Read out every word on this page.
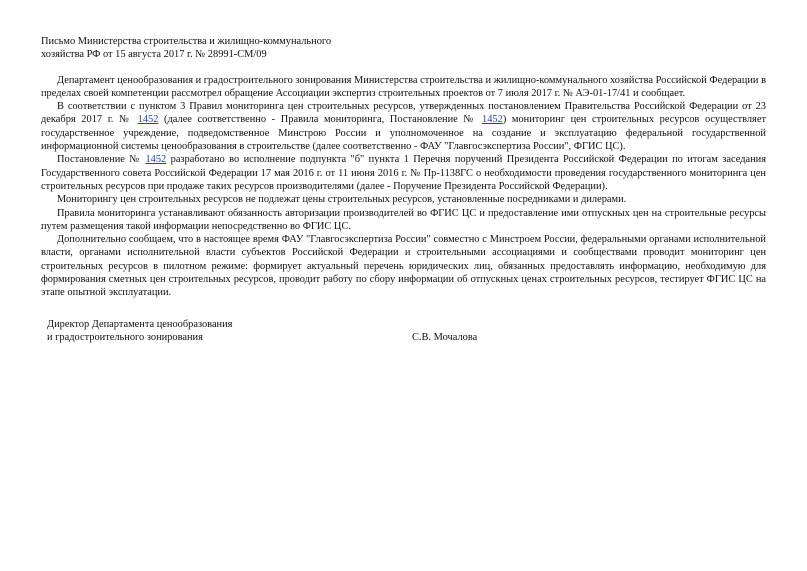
Письмо Министерства строительства и жилищно-коммунального
хозяйства РФ от 15 августа 2017 г. № 28991-СМ/09

Департамент ценообразования и градостроительного зонирования Министерства строительства и жилищно-коммунального хозяйства Российской Федерации в пределах своей компетенции рассмотрел обращение Ассоциации экспертиз строительных проектов от 7 июля 2017 г. № АЭ-01-17/41 и сообщает.

В соответствии с пунктом 3 Правил мониторинга цен строительных ресурсов, утвержденных постановлением Правительства Российской Федерации от 23 декабря 2017 г. № 1452 (далее соответственно - Правила мониторинга, Постановление № 1452) мониторинг цен строительных ресурсов осуществляет государственное учреждение, подведомственное Минстрою России и уполномоченное на создание и эксплуатацию федеральной государственной информационной системы ценообразования в строительстве (далее соответственно - ФАУ "Главгосэкспертиза России", ФГИС ЦС).

Постановление № 1452 разработано во исполнение подпункта "б" пункта 1 Перечня поручений Президента Российской Федерации по итогам заседания Государственного совета Российской Федерации 17 мая 2016 г. от 11 июня 2016 г. № Пр-1138ГС о необходимости проведения государственного мониторинга цен строительных ресурсов при продаже таких ресурсов производителями (далее - Поручение Президента Российской Федерации).

Мониторингу цен строительных ресурсов не подлежат цены строительных ресурсов, установленные посредниками и дилерами.

Правила мониторинга устанавливают обязанность авторизации производителей во ФГИС ЦС и предоставление ими отпускных цен на строительные ресурсы путем размещения такой информации непосредственно во ФГИС ЦС.

Дополнительно сообщаем, что в настоящее время ФАУ "Главгосэкспертиза России" совместно с Минстроем России, федеральными органами исполнительной власти, органами исполнительной власти субъектов Российской Федерации и строительными ассоциациями и сообществами проводит мониторинг цен строительных ресурсов в пилотном режиме: формирует актуальный перечень юридических лиц, обязанных предоставлять информацию, необходимую для формирования сметных цен строительных ресурсов, проводит работу по сбору информации об отпускных ценах строительных ресурсов, тестирует ФГИС ЦС на этапе опытной эксплуатации.

Директор Департамента ценообразования
и градостроительного зонирования	С.В. Мочалова
